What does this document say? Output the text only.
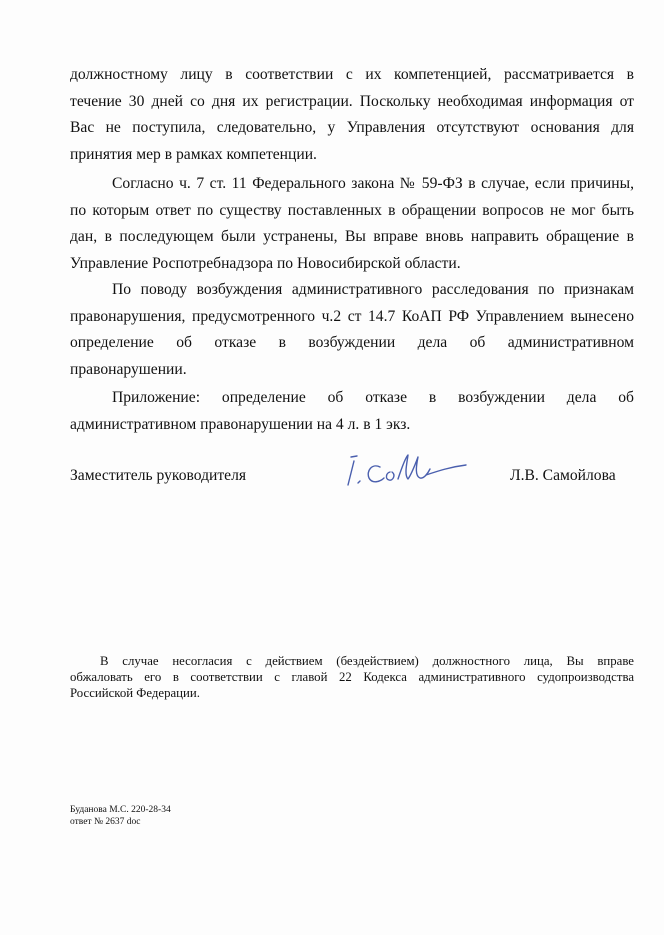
должностному лицу в соответствии с их компетенцией, рассматривается в
течение 30 дней со дня их регистрации. Поскольку необходимая информация от
Вас не поступила, следовательно, у Управления отсутствуют основания для
принятия мер в рамках компетенции.

Согласно ч. 7 ст. 11 Федерального закона № 59-ФЗ в случае, если причины,
по которым ответ по существу поставленных в обращении вопросов не мог быть
дан, в последующем были устранены, Вы вправе вновь направить обращение в
Управление Роспотребнадзора по Новосибирской области.

По поводу возбуждения административного расследования по признакам
правонарушения, предусмотренного ч.2 ст 14.7 КоАП РФ Управлением вынесено
определение об отказе в возбуждении дела об административном
правонарушении.

Приложение: определение об отказе в возбуждении дела об
административном правонарушении на 4 л. в 1 экз.

Заместитель руководителя	Л.В. Самойлова

В случае несогласия с действием (бездействием) должностного лица, Вы вправе
обжаловать его в соответствии с главой 22 Кодекса административного судопроизводства
Российской Федерации.

Буданова М.С. 220-28-34
ответ № 2637 doc
